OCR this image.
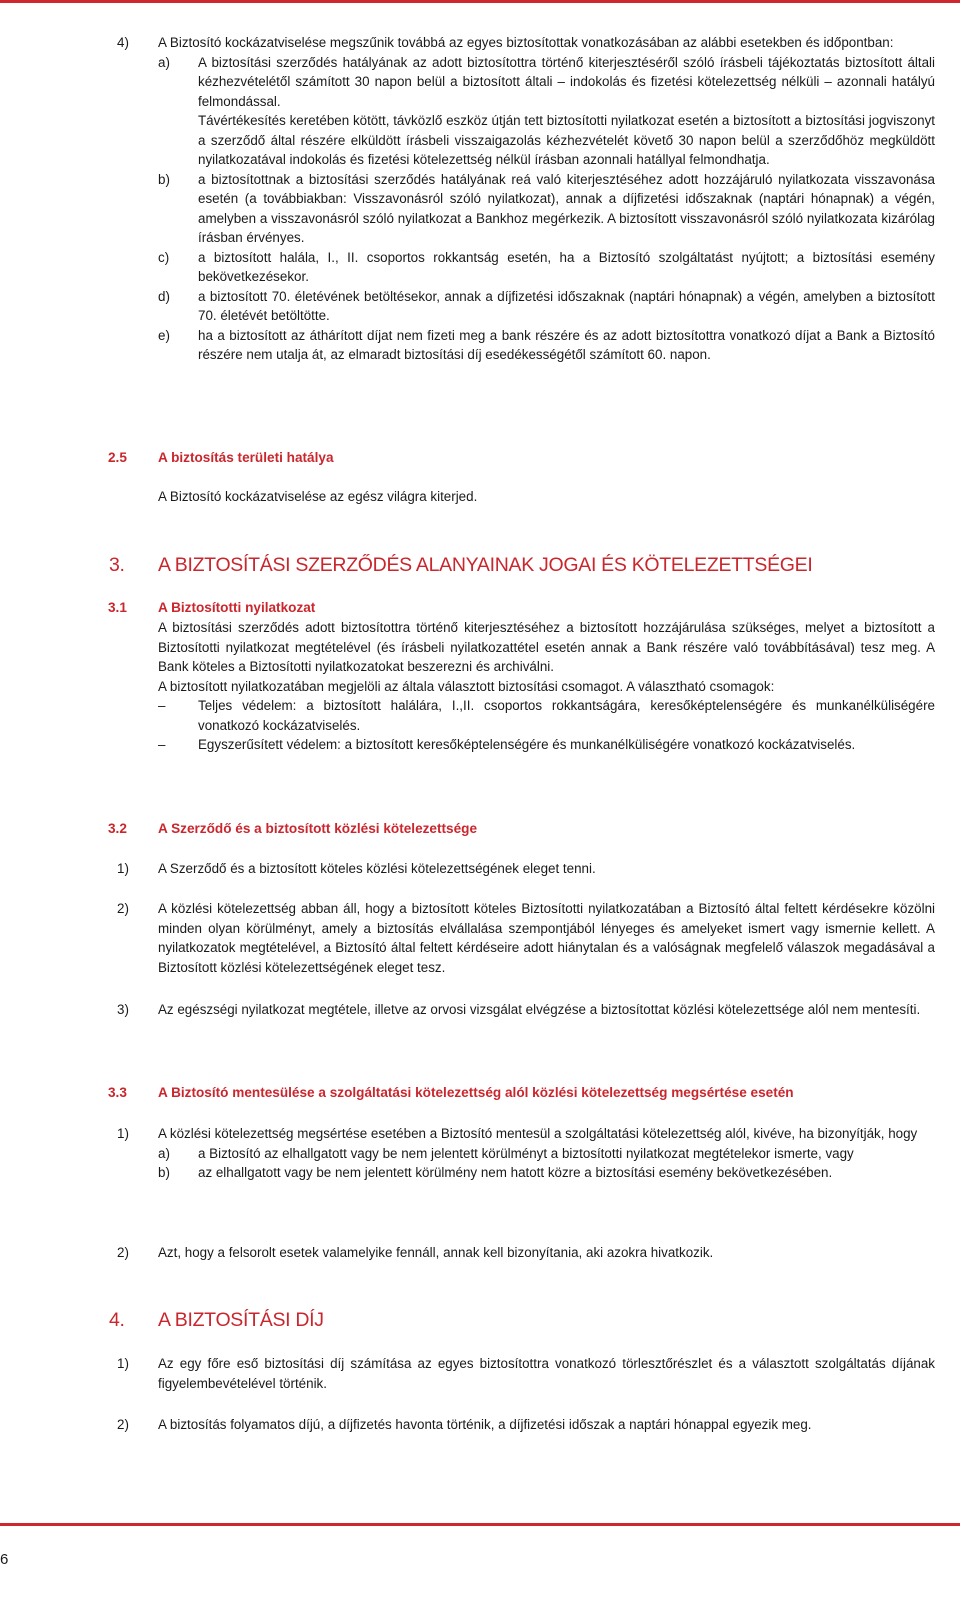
4) A Biztosító kockázatviselése megszűnik továbbá az egyes biztosítottak vonatkozásában az alábbi esetekben és időpontban:
a) A biztosítási szerződés hatályának az adott biztosítottra történő kiterjesztéséről szóló írásbeli tájékoztatás biztosított általi kézhezvételétől számított 30 napon belül a biztosított általi – indokolás és fizetési kötelezettség nélküli – azonnali hatályú felmondással.
Távértékesítés keretében kötött, távközlő eszköz útján tett biztosítotti nyilatkozat esetén a biztosított a biztosítási jogviszonyt a szerződő által részére elküldött írásbeli visszaigazolás kézhezvételét követő 30 napon belül a szerződőhöz megküldött nyilatkozatával indokolás és fizetési kötelezettség nélkül írásban azonnali hatállyal felmondhatja.
b) a biztosítottnak a biztosítási szerződés hatályának reá való kiterjesztéséhez adott hozzájáruló nyilatkozata visszavonása esetén (a továbbiakban: Visszavonásról szóló nyilatkozat), annak a díjfizetési időszaknak (naptári hónapnak) a végén, amelyben a visszavonásról szóló nyilatkozat a Bankhoz megérkezik. A biztosított visszavonásról szóló nyilatkozata kizárólag írásban érvényes.
c) a biztosított halála, I., II. csoportos rokkantság esetén, ha a Biztosító szolgáltatást nyújtott; a biztosítási esemény bekövetkezésekor.
d) a biztosított 70. életévének betöltésekor, annak a díjfizetési időszaknak (naptári hónapnak) a végén, amelyben a biztosított 70. életévét betöltötte.
e) ha a biztosított az áthárított díjat nem fizeti meg a bank részére és az adott biztosítottra vonatkozó díjat a Bank a Biztosító részére nem utalja át, az elmaradt biztosítási díj esedékességétől számított 60. napon.
2.5 A biztosítás területi hatálya
A Biztosító kockázatviselése az egész világra kiterjed.
3. A BIZTOSÍTÁSI SZERZŐDÉS ALANYAINAK JOGAI ÉS KÖTELEZETTSÉGEI
3.1 A Biztosítotti nyilatkozat
A biztosítási szerződés adott biztosítottra történő kiterjesztéséhez a biztosított hozzájárulása szükséges, melyet a biztosított a Biztosítotti nyilatkozat megtételével (és írásbeli nyilatkozattétel esetén annak a Bank részére való továbbításával) tesz meg. A Bank köteles a Biztosítotti nyilatkozatokat beszerezni és archiválni.
A biztosított nyilatkozatában megjelöli az általa választott biztosítási csomagot. A választható csomagok:
– Teljes védelem: a biztosított halálára, I.,II. csoportos rokkantságára, keresőképtelenségére és munkanélküliségére vonatkozó kockázatviselés.
– Egyszerűsített védelem: a biztosított keresőképtelenségére és munkanélküliségére vonatkozó kockázatviselés.
3.2 A Szerződő és a biztosított közlési kötelezettsége
1) A Szerződő és a biztosított köteles közlési kötelezettségének eleget tenni.
2) A közlési kötelezettség abban áll, hogy a biztosított köteles Biztosítotti nyilatkozatában a Biztosító által feltett kérdésekre közölni minden olyan körülményt, amely a biztosítás elvállalása szempontjából lényeges és amelyeket ismert vagy ismernie kellett. A nyilatkozatok megtételével, a Biztosító által feltett kérdéseire adott hiánytalan és a valóságnak megfelelő válaszok megadásával a Biztosított közlési kötelezettségének eleget tesz.
3) Az egészségi nyilatkozat megtétele, illetve az orvosi vizsgálat elvégzése a biztosítottat közlési kötelezettsége alól nem mentesíti.
3.3 A Biztosító mentesülése a szolgáltatási kötelezettség alól közlési kötelezettség megsértése esetén
1) A közlési kötelezettség megsértése esetében a Biztosító mentesül a szolgáltatási kötelezettség alól, kivéve, ha bizonyítják, hogy
a) a Biztosító az elhallgatott vagy be nem jelentett körülményt a biztosítotti nyilatkozat megtételekor ismerte, vagy
b) az elhallgatott vagy be nem jelentett körülmény nem hatott közre a biztosítási esemény bekövetkezésében.
2) Azt, hogy a felsorolt esetek valamelyike fennáll, annak kell bizonyítania, aki azokra hivatkozik.
4. A BIZTOSÍTÁSI DÍJ
1) Az egy főre eső biztosítási díj számítása az egyes biztosítottra vonatkozó törlesztőrészlet és a választott szolgáltatás díjának figyelembevételével történik.
2) A biztosítás folyamatos díjú, a díjfizetés havonta történik, a díjfizetési időszak a naptári hónappal egyezik meg.
6
